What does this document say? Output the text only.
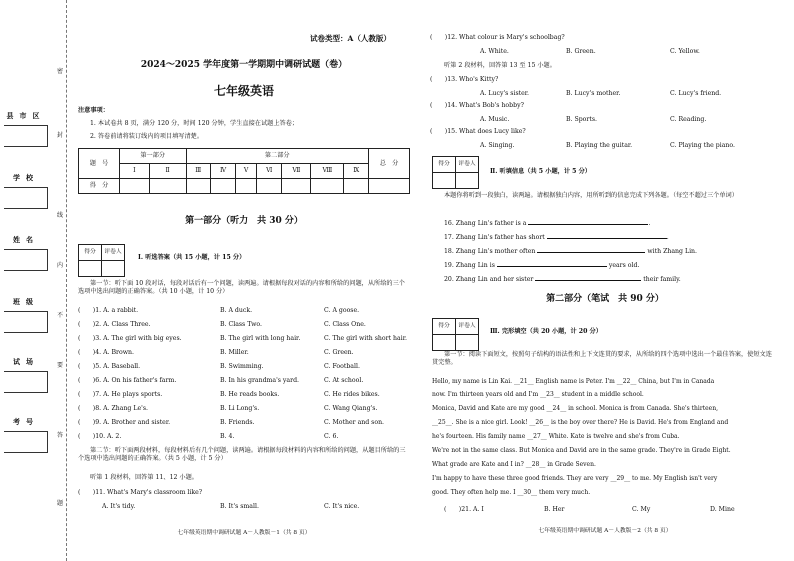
县市区
学校
姓名
班级
试场
考号
密
封
线
内
不
要
答
题
试卷类型：A（人教版）
2024～2025 学年度第一学期期中调研试题（卷）
七年级英语
注意事项：
1. 本试卷共 8 页，满分 120 分，时间 120 分钟，学生直接在试题上答卷；
2. 答卷前请将装订线内的项目填写清楚。
题　号	第一部分		第二部分							总　分
	Ⅰ	Ⅱ	Ⅲ	Ⅳ	Ⅴ	Ⅵ	Ⅶ	Ⅷ	Ⅸ	
得　分										
第一部分（听力　共 30 分）
得分	评卷人

Ⅰ. 听选答案（共 15 小题，计 15 分）
第一节：听下面 10 段对话，每段对话后有一个问题，读两遍。请根据每段对话的内容和所给的问题，从所给的三个选项中选出问题的正确答案。（共 10 小题，计 10 分）
(　　)1. A. a rabbit.	B. A duck.	C. A goose.
(　　)2. A. Class Three.	B. Class Two.	C. Class One.
(　　)3. A. The girl with big eyes.	B. The girl with long hair.	C. The girl with short hair.
(　　)4. A. Brown.	B. Miller.	C. Green.
(　　)5. A. Baseball.	B. Swimming.	C. Football.
(　　)6. A. On his father's farm.	B. In his grandma's yard.	C. At school.
(　　)7. A. He plays sports.	B. He reads books.	C. He rides bikes.
(　　)8. A. Zhang Le's.	B. Li Long's.	C. Wang Qiang's.
(　　)9. A. Brother and sister.	B. Friends.	C. Mother and son.
(　　)10. A. 2.	B. 4.	C. 6.
第二节：听下面两段材料，每段材料后有几个问题，读两遍。请根据每段材料的内容和所给的问题，从题目所给的三个选项中选出问题的正确答案。（共 5 小题，计 5 分）
听第 1 段材料，回答第 11、12 小题。
(　　)11. What's Mary's classroom like?
A. It's tidy.	B. It's small.	C. It's nice.
七年级英语期中调研试题 A－人教版－1（共 8 页）
(　　)12. What colour is Mary's schoolbag?
A. White.	B. Green.	C. Yellow.
听第 2 段材料，回答第 13 至 15 小题。
(　　)13. Who's Kitty?
A. Lucy's sister.	B. Lucy's mother.	C. Lucy's friend.
(　　)14. What's Bob's hobby?
A. Music.	B. Sports.	C. Reading.
(　　)15. What does Lucy like?
A. Singing.	B. Playing the guitar.	C. Playing the piano.
得分	评卷人

Ⅱ. 听填信息（共 5 小题，计 5 分）
本题你将听到一段独白，读两遍。请根据独白内容，用所听到的信息完成下列各题。（每空不超过三个单词）
16. Zhang Lin's father is a	.
17. Zhang Lin's father has short	.
18. Zhang Lin's mother often	with Zhang Lin.
19. Zhang Lin is	years old.
20. Zhang Lin and her sister	their family.
第二部分（笔试　共 90 分）
得分	评卷人

Ⅲ. 完形填空（共 20 小题，计 20 分）
第一节：阅读下面短文，按照句子结构的语法性和上下文连贯的要求，从所给的四个选项中选出一个最佳答案，使短文连贯完整。
Hello, my name is Lin Kai. __21__ English name is Peter. I'm __22__ China, but I'm in Canada
now. I'm thirteen years old and I'm __23__ student in a middle school.
Monica, David and Kate are my good __24__ in school. Monica is from Canada. She's thirteen,
__25__. She is a nice girl. Look! __26__ is the boy over there? He is David. He's from England and
he's fourteen. His family name __27__ White. Kate is twelve and she's from Cuba.
We're not in the same class. But Monica and David are in the same grade. They're in Grade Eight.
What grade are Kate and I in? __28__ in Grade Seven.
I'm happy to have these three good friends. They are very __29__ to me. My English isn't very
good. They often help me. I __30__ them very much.
(　　)21. A. I	B. Her	C. My	D. Mine
七年级英语期中调研试题 A－人教版－2（共 8 页）
